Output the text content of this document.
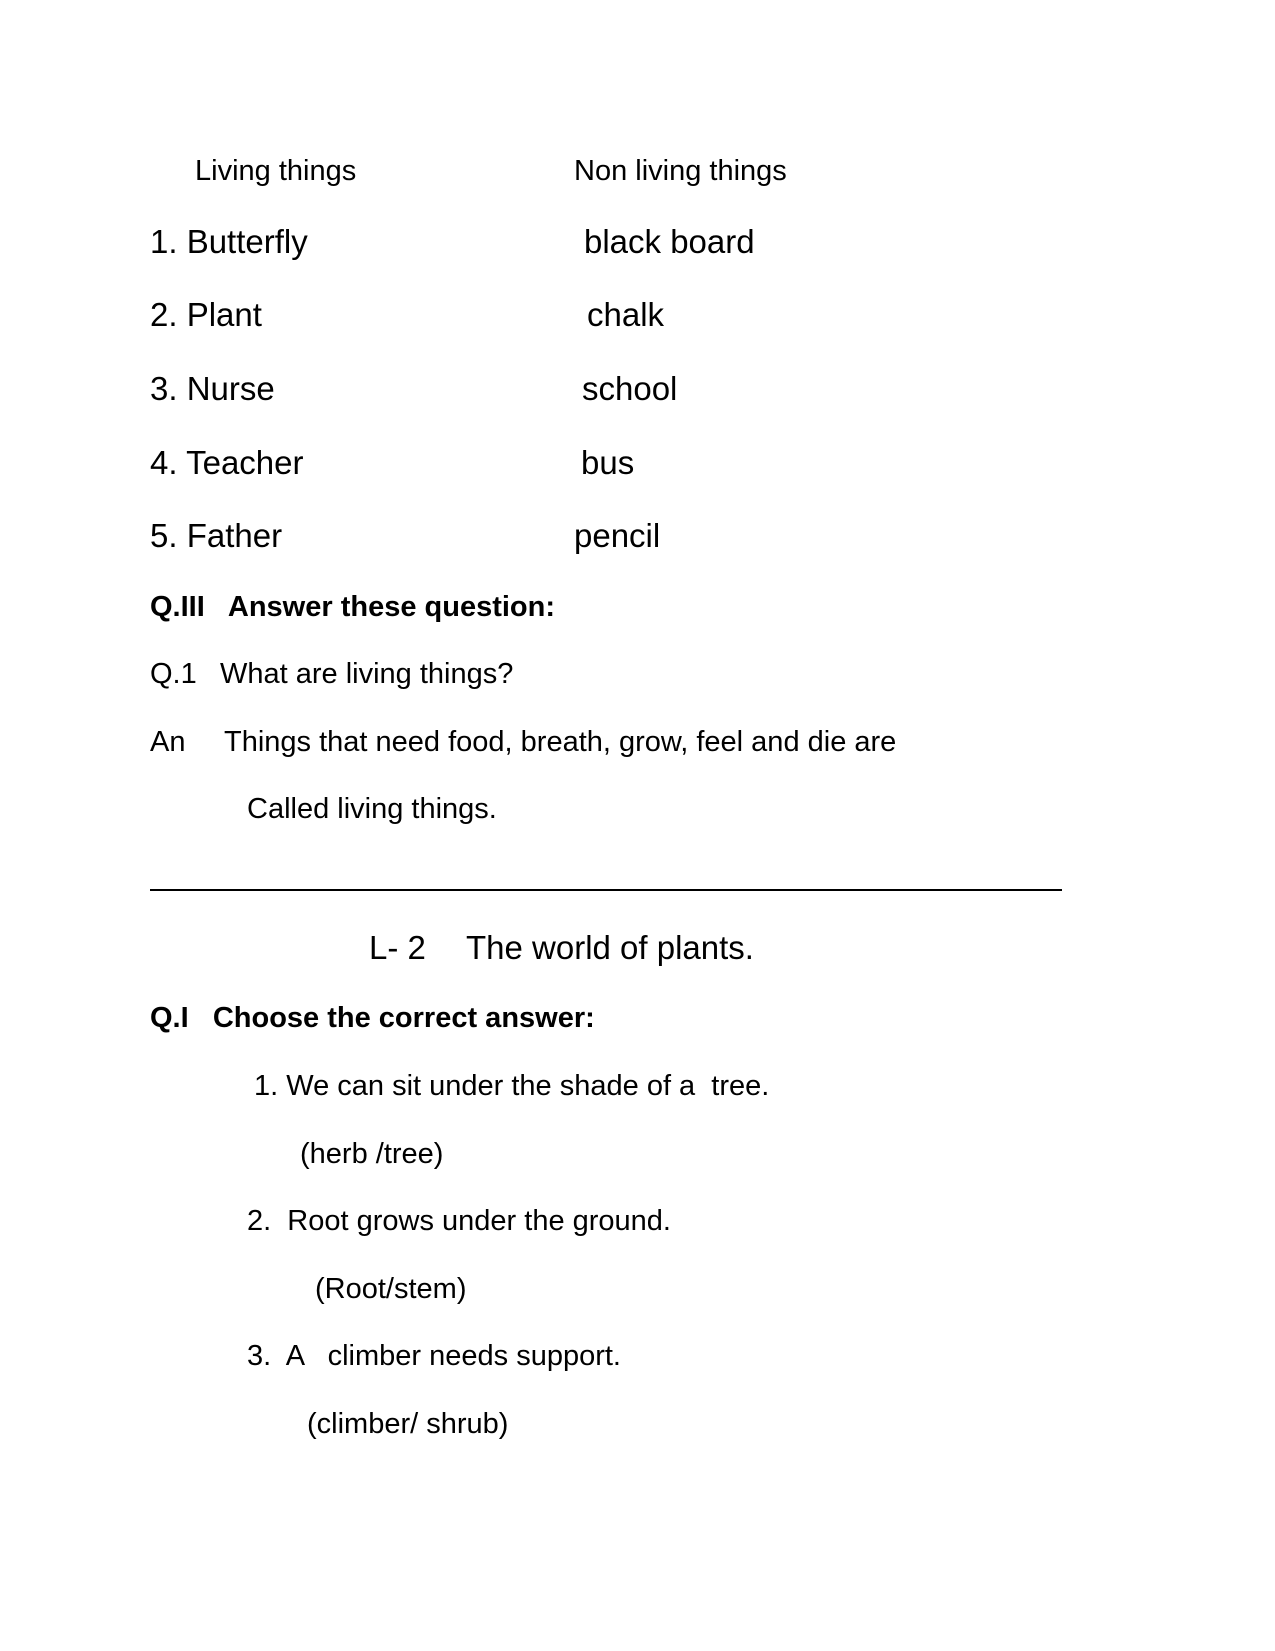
Living things	Non living things
1. Butterfly
2. Plant
3. Nurse
4. Teacher
5. Father
black board
chalk
school
bus
pencil
Q.III   Answer these question:
Q.1 What are living things?
An Things that need food, breath, grow, feel and die are
Called living things.
L- 2 The world of plants.
Q.I   Choose the correct answer:
1. We can sit under the shade of a  tree.
(herb /tree)
2.  Root grows under the ground.
(Root/stem)
3.  A   climber needs support.
(climber/ shrub)
